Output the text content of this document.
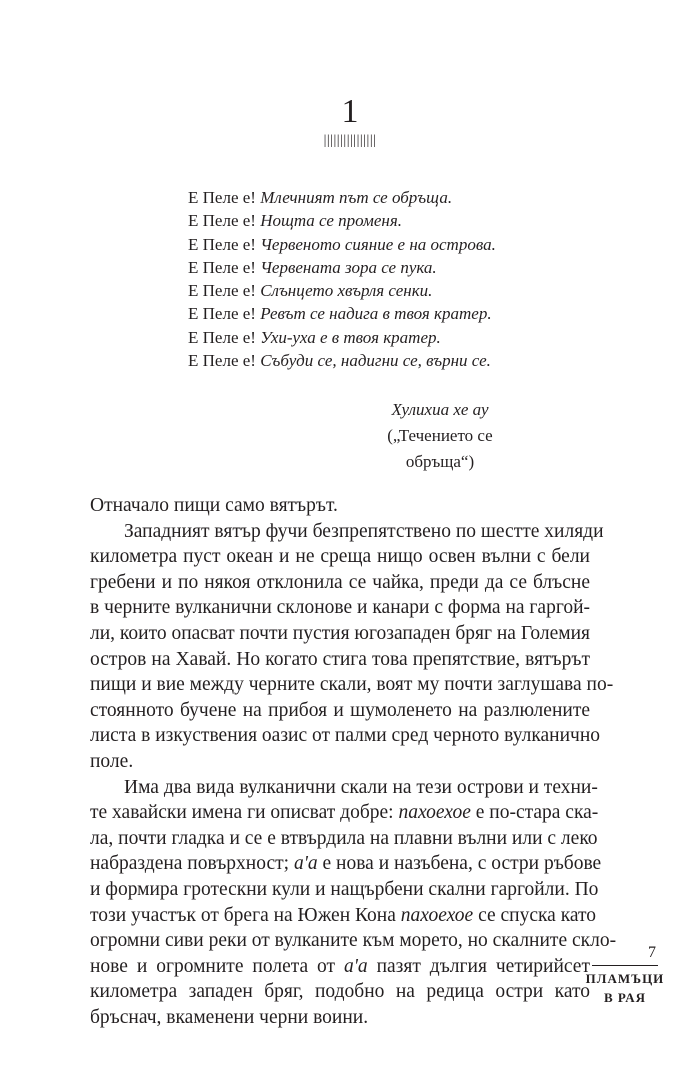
1
||||||||||||||||
Е Пеле е! Млечният път се обръща.
Е Пеле е! Нощта се променя.
Е Пеле е! Червеното сияние е на острова.
Е Пеле е! Червената зора се пука.
Е Пеле е! Слънцето хвърля сенки.
Е Пеле е! Ревът се надига в твоя кратер.
Е Пеле е! Ухи-уха е в твоя кратер.
Е Пеле е! Събуди се, надигни се, върни се.
Хулихиа хе ау
(„Течението се обръща“)
Отначало пищи само вятърът.
Западният вятър фучи безпрепятствено по шестте хиляди
километра пуст океан и не среща нищо освен вълни с бели
гребени и по някоя отклонила се чайка, преди да се блъсне
в черните вулканични склонове и канари с форма на гаргой-
ли, които опасват почти пустия югозападен бряг на Големия
остров на Хавай. Но когато стига това препятствие, вятърът
пищи и вие между черните скали, воят му почти заглушава по-
стоянното бучене на прибоя и шумоленето на разлюлените
листа в изкуствения оазис от палми сред черното вулканично
поле.
Има два вида вулканични скали на тези острови и техни-
те хавайски имена ги описват добре: пахоехое е по-стара ска-
ла, почти гладка и се е втвърдила на плавни вълни или с леко
набраздена повърхност; а'а е нова и назъбена, с остри ръбове
и формира гротескни кули и нащърбени скални гаргойли. По
този участък от брега на Южен Кона пахоехое се спуска като
огромни сиви реки от вулканите към морето, но скалните скло-
нове и огромните полета от а'а пазят дългия четирийсет
километра западен бряг, подобно на редица остри като
бръснач, вкаменени черни воини.
7
ПЛАМЪЦИ
В РАЯ
